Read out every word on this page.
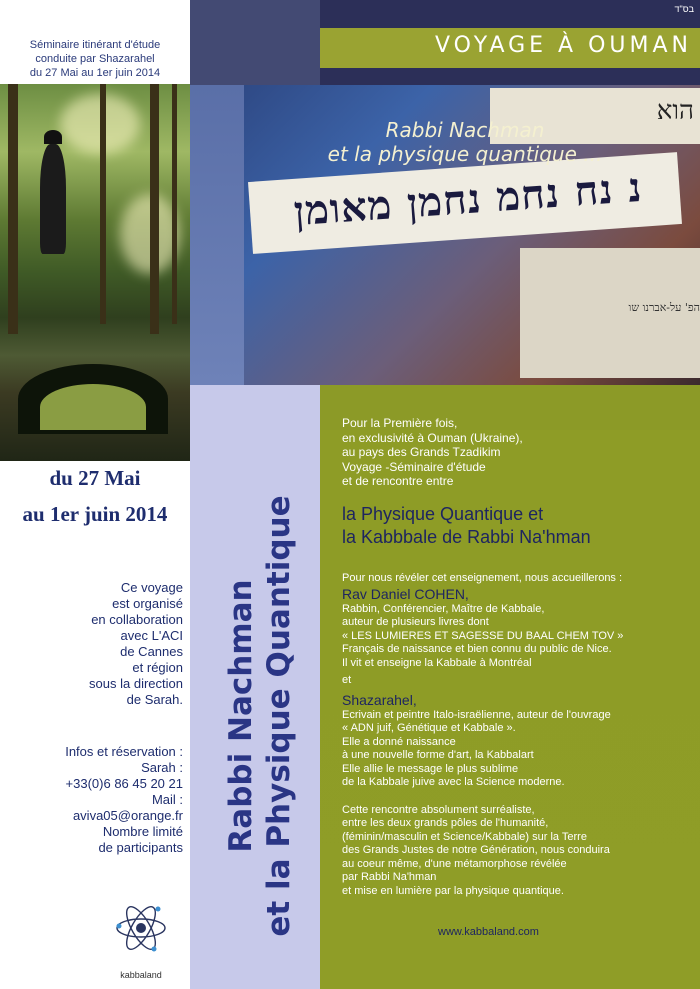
Séminaire itinérant d'étude
conduite par Shazarahel
du 27 Mai au 1er juin 2014
VOYAGE À OUMAN
בס"ד
הוא
נ נח נחמ נחמן מאומן
הפ' על-אברנו שו
Rabbi Nachman
et la physique quantique ...
Pour la Première fois,
en exclusivité à Ouman (Ukraine),
au pays des Grands Tzadikim
Voyage -Séminaire d'étude
et de rencontre entre
la Physique Quantique et
la Kabbbale de Rabbi Na'hman
Pour nous révéler cet enseignement, nous accueillerons :
Rav Daniel COHEN,
Rabbin, Conférencier, Maître de Kabbale,
auteur de plusieurs livres dont
« LES LUMIERES ET SAGESSE DU BAAL CHEM TOV »
Français de naissance et bien connu du public de Nice.
Il vit et enseigne la Kabbale à Montréal
et
Shazarahel,
Ecrivain et peintre Italo-israëlienne, auteur de l'ouvrage
« ADN juif, Génétique et Kabbale ».
Elle a donné naissance
à une nouvelle forme d'art, la Kabbalart
Elle allie le message le plus sublime
de la Kabbale juive avec la Science moderne.
Cette rencontre absolument surréaliste,
entre les deux grands pôles de l'humanité,
(féminin/masculin et Science/Kabbale) sur la Terre
des Grands Justes de notre Génération, nous conduira
au coeur même, d'une métamorphose révélée
par Rabbi Na'hman
et mise en lumière par la physique quantique.
www.kabbaland.com
du 27 Mai
au 1er juin 2014
Ce voyage
est organisé
en collaboration
avec L'ACI
de Cannes
et région
sous la direction
de Sarah.
Infos et réservation :
Sarah :
+33(0)6 86 45 20 21
Mail :
aviva05@orange.fr
Nombre limité
de participants Rabbi Nachman et la Physique Quantique
kabbaland
